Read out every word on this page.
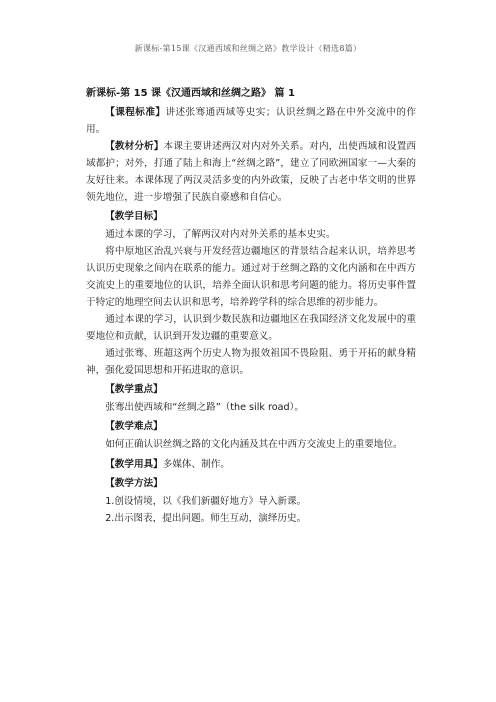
新课标-第15课《汉通西域和丝绸之路》教学设计（精选8篇）

新课标-第 15 课《汉通西域和丝绸之路》 篇 1

【课程标准】讲述张骞通西域等史实；认识丝绸之路在中外交流中的作用。

【教材分析】本课主要讲述两汉对内对外关系。对内，出使西域和设置西域都护；对外，打通了陆上和海上“丝绸之路”，建立了同欧洲国家一—大秦的友好往来。本课体现了两汉灵活多变的内外政策，反映了古老中华文明的世界领先地位，进一步增强了民族自豪感和自信心。

【教学目标】

通过本课的学习，了解两汉对内对外关系的基本史实。

将中原地区治乱兴衰与开发经营边疆地区的背景结合起来认识，培养思考认识历史现象之间内在联系的能力。通过对于丝绸之路的文化内涵和在中西方交流史上的重要地位的认识，培养全面认识和思考问题的能力。将历史事件置于特定的地理空间去认识和思考，培养跨学科的综合思维的初步能力。

通过本课的学习，认识到少数民族和边疆地区在我国经济文化发展中的重要地位和贡献，认识到开发边疆的重要意义。

通过张骞、班超这两个历史人物为报效祖国不畏险阻、勇于开拓的献身精神，强化爱国思想和开拓进取的意识。

【教学重点】

张骞出使西域和“丝绸之路”（the silk road）。

【教学难点】

如何正确认识丝绸之路的文化内涵及其在中西方交流史上的重要地位。

【教学用具】多媒体、制作。

【教学方法】

1.创设情境，以《我们新疆好地方》导入新课。

2.出示图表，提出问题。师生互动，演绎历史。
